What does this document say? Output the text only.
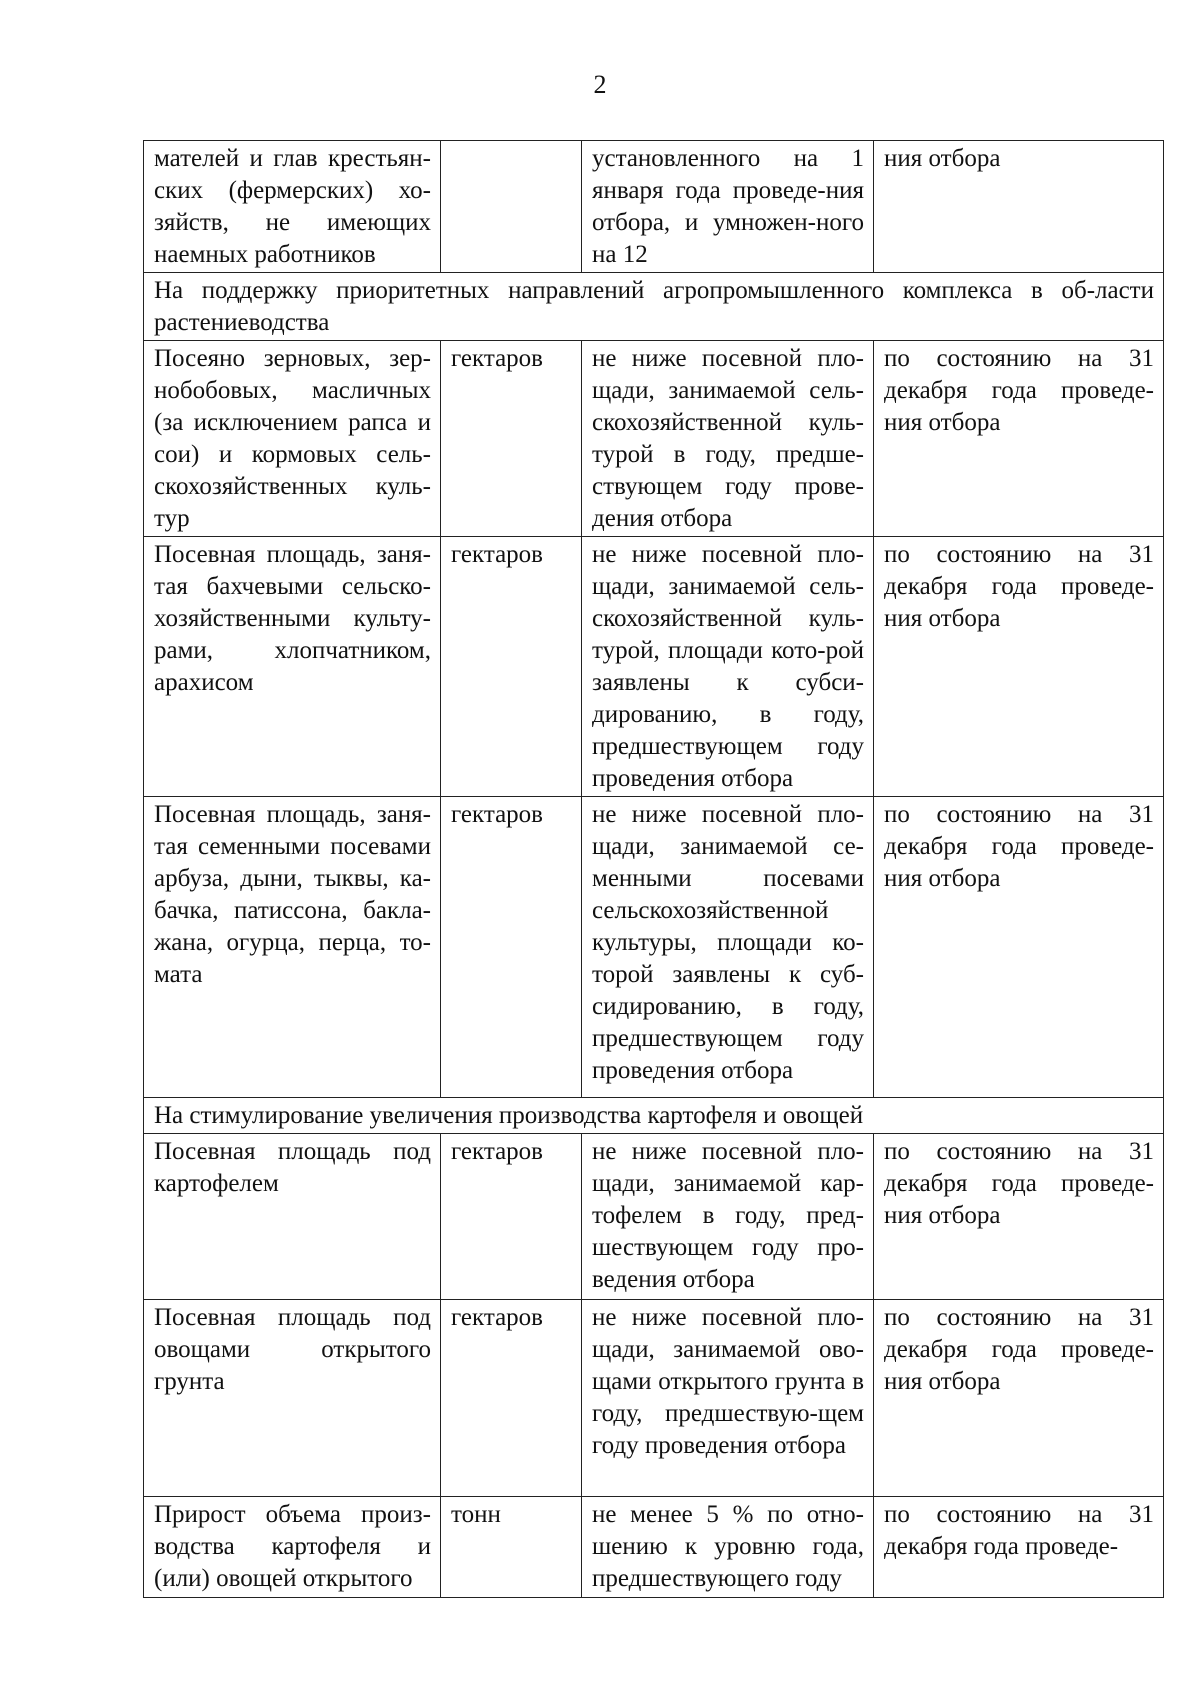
2
мателей и глав крестьян-ских (фермерских) хо-зяйств, не имеющих наемных работников		установленного на 1 января года проведе-ния отбора, и умножен-ного на 12	ния отбора
На поддержку приоритетных направлений агропромышленного комплекса в об-ласти растениеводства			
Посеяно зерновых, зер-нобобовых, масличных (за исключением рапса и сои) и кормовых сель-скохозяйственных куль-тур	гектаров	не ниже посевной пло-щади, занимаемой сель-скохозяйственной куль-турой в году, предше-ствующем году прове-дения отбора	по состоянию на 31 декабря года проведе-ния отбора
Посевная площадь, заня-тая бахчевыми сельско-хозяйственными культу-рами, хлопчатником, арахисом	гектаров	не ниже посевной пло-щади, занимаемой сель-скохозяйственной куль-турой, площади кото-рой заявлены к субси-дированию, в году, предшествующем году проведения отбора	по состоянию на 31 декабря года проведе-ния отбора
Посевная площадь, заня-тая семенными посевами арбуза, дыни, тыквы, ка-бачка, патиссона, бакла-жана, огурца, перца, то-мата	гектаров	не ниже посевной пло-щади, занимаемой се-менными посевами сельскохозяйственной культуры, площади ко-торой заявлены к суб-сидированию, в году, предшествующем году проведения отбора	по состоянию на 31 декабря года проведе-ния отбора
На стимулирование увеличения производства картофеля и овощей			
Посевная площадь под картофелем	гектаров	не ниже посевной пло-щади, занимаемой кар-тофелем в году, пред-шествующем году про-ведения отбора	по состоянию на 31 декабря года проведе-ния отбора
Посевная площадь под овощами открытого грунта	гектаров	не ниже посевной пло-щади, занимаемой ово-щами открытого грунта в году, предшествую-щем году проведения отбора	по состоянию на 31 декабря года проведе-ния отбора
Прирост объема произ-водства картофеля и (или) овощей открытого	тонн	не менее 5 % по отно-шению к уровню года, предшествующего году	по состоянию на 31 декабря года проведе-
